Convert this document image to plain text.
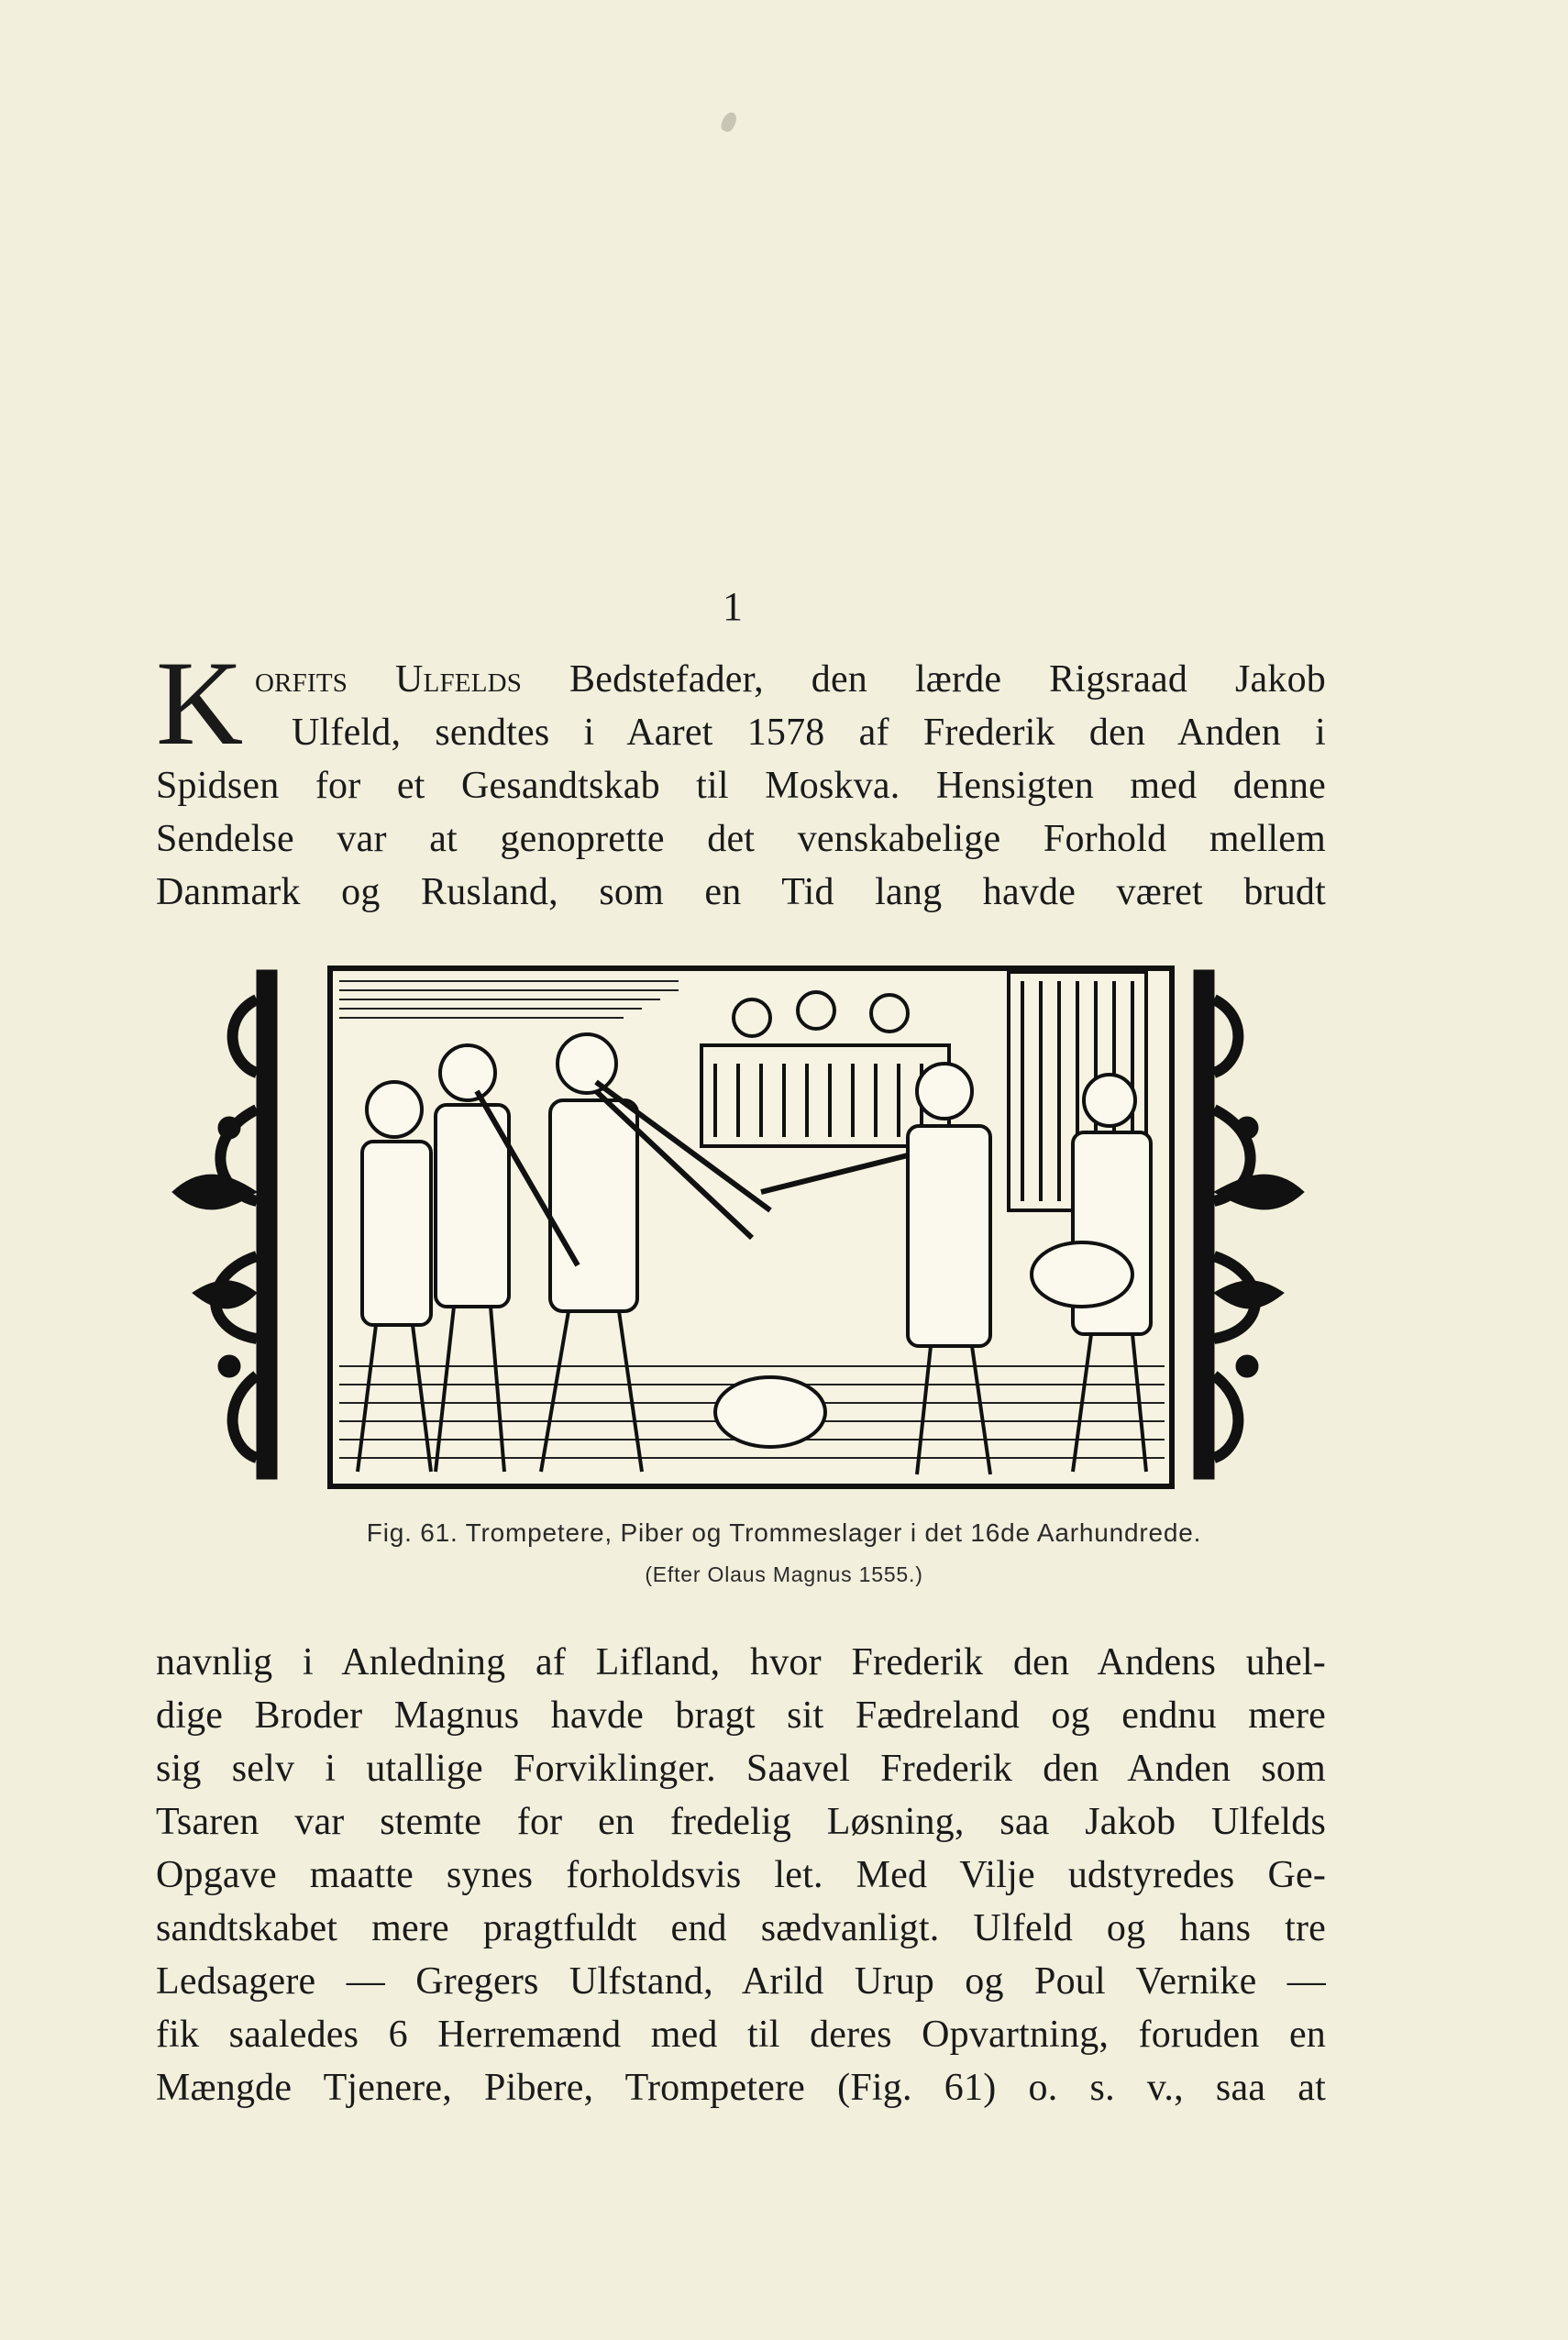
1
K orfits Ulfelds Bedstefader, den lærde Rigsraad Jakob
Ulfeld, sendtes i Aaret 1578 af Frederik den Anden i
Spidsen for et Gesandtskab til Moskva. Hensigten med denne
Sendelse var at genoprette det venskabelige Forhold mellem
Danmark og Rusland, som en Tid lang havde været brudt
Fig. 61. Trompetere, Piber og Trommeslager i det 16de Aarhundrede.
(Efter Olaus Magnus 1555.)
navnlig i Anledning af Lifland, hvor Frederik den Andens uhel-
dige Broder Magnus havde bragt sit Fædreland og endnu mere
sig selv i utallige Forviklinger. Saavel Frederik den Anden som
Tsaren var stemte for en fredelig Løsning, saa Jakob Ulfelds
Opgave maatte synes forholdsvis let. Med Vilje udstyredes Ge-
sandtskabet mere pragtfuldt end sædvanligt. Ulfeld og hans tre
Ledsagere — Gregers Ulfstand, Arild Urup og Poul Vernike —
fik saaledes 6 Herremænd med til deres Opvartning, foruden en
Mængde Tjenere, Pibere, Trompetere (Fig. 61) o. s. v., saa at
